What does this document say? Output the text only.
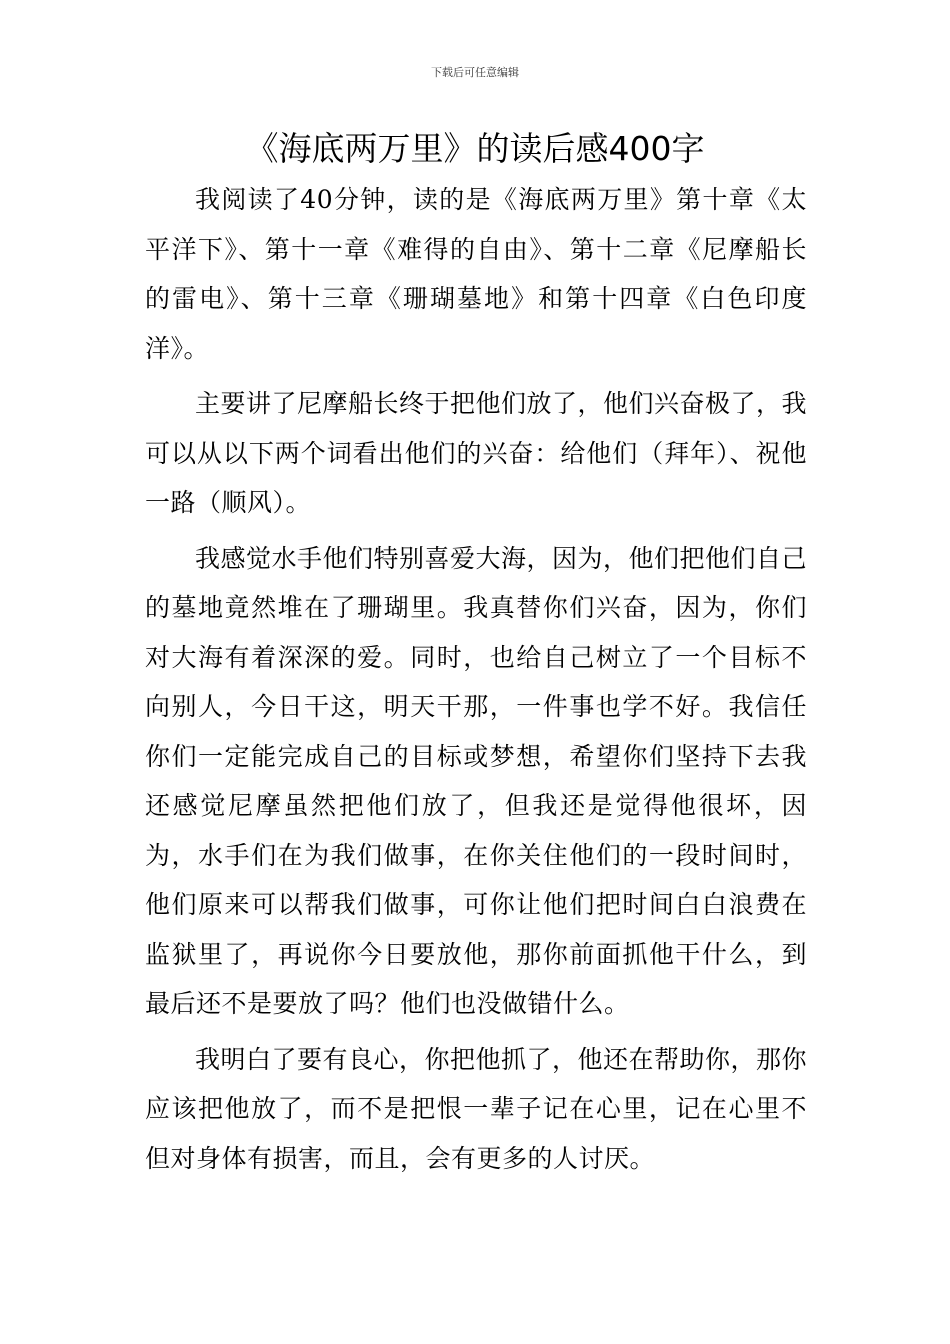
下载后可任意编辑
《海底两万里》的读后感400字

我阅读了40分钟，读的是《海底两万里》第十章《太平洋下》、第十一章《难得的自由》、第十二章《尼摩船长的雷电》、第十三章《珊瑚墓地》和第十四章《白色印度洋》。

主要讲了尼摩船长终于把他们放了，他们兴奋极了，我可以从以下两个词看出他们的兴奋：给他们（拜年）、祝他一路（顺风）。

我感觉水手他们特别喜爱大海，因为，他们把他们自己的墓地竟然堆在了珊瑚里。我真替你们兴奋，因为，你们对大海有着深深的爱。同时，也给自己树立了一个目标不向别人，今日干这，明天干那，一件事也学不好。我信任你们一定能完成自己的目标或梦想，希望你们坚持下去我还感觉尼摩虽然把他们放了，但我还是觉得他很坏，因为，水手们在为我们做事，在你关住他们的一段时间时，他们原来可以帮我们做事，可你让他们把时间白白浪费在监狱里了，再说你今日要放他，那你前面抓他干什么，到最后还不是要放了吗？他们也没做错什么。

我明白了要有良心，你把他抓了，他还在帮助你，那你应该把他放了，而不是把恨一辈子记在心里，记在心里不但对身体有损害，而且，会有更多的人讨厌。
